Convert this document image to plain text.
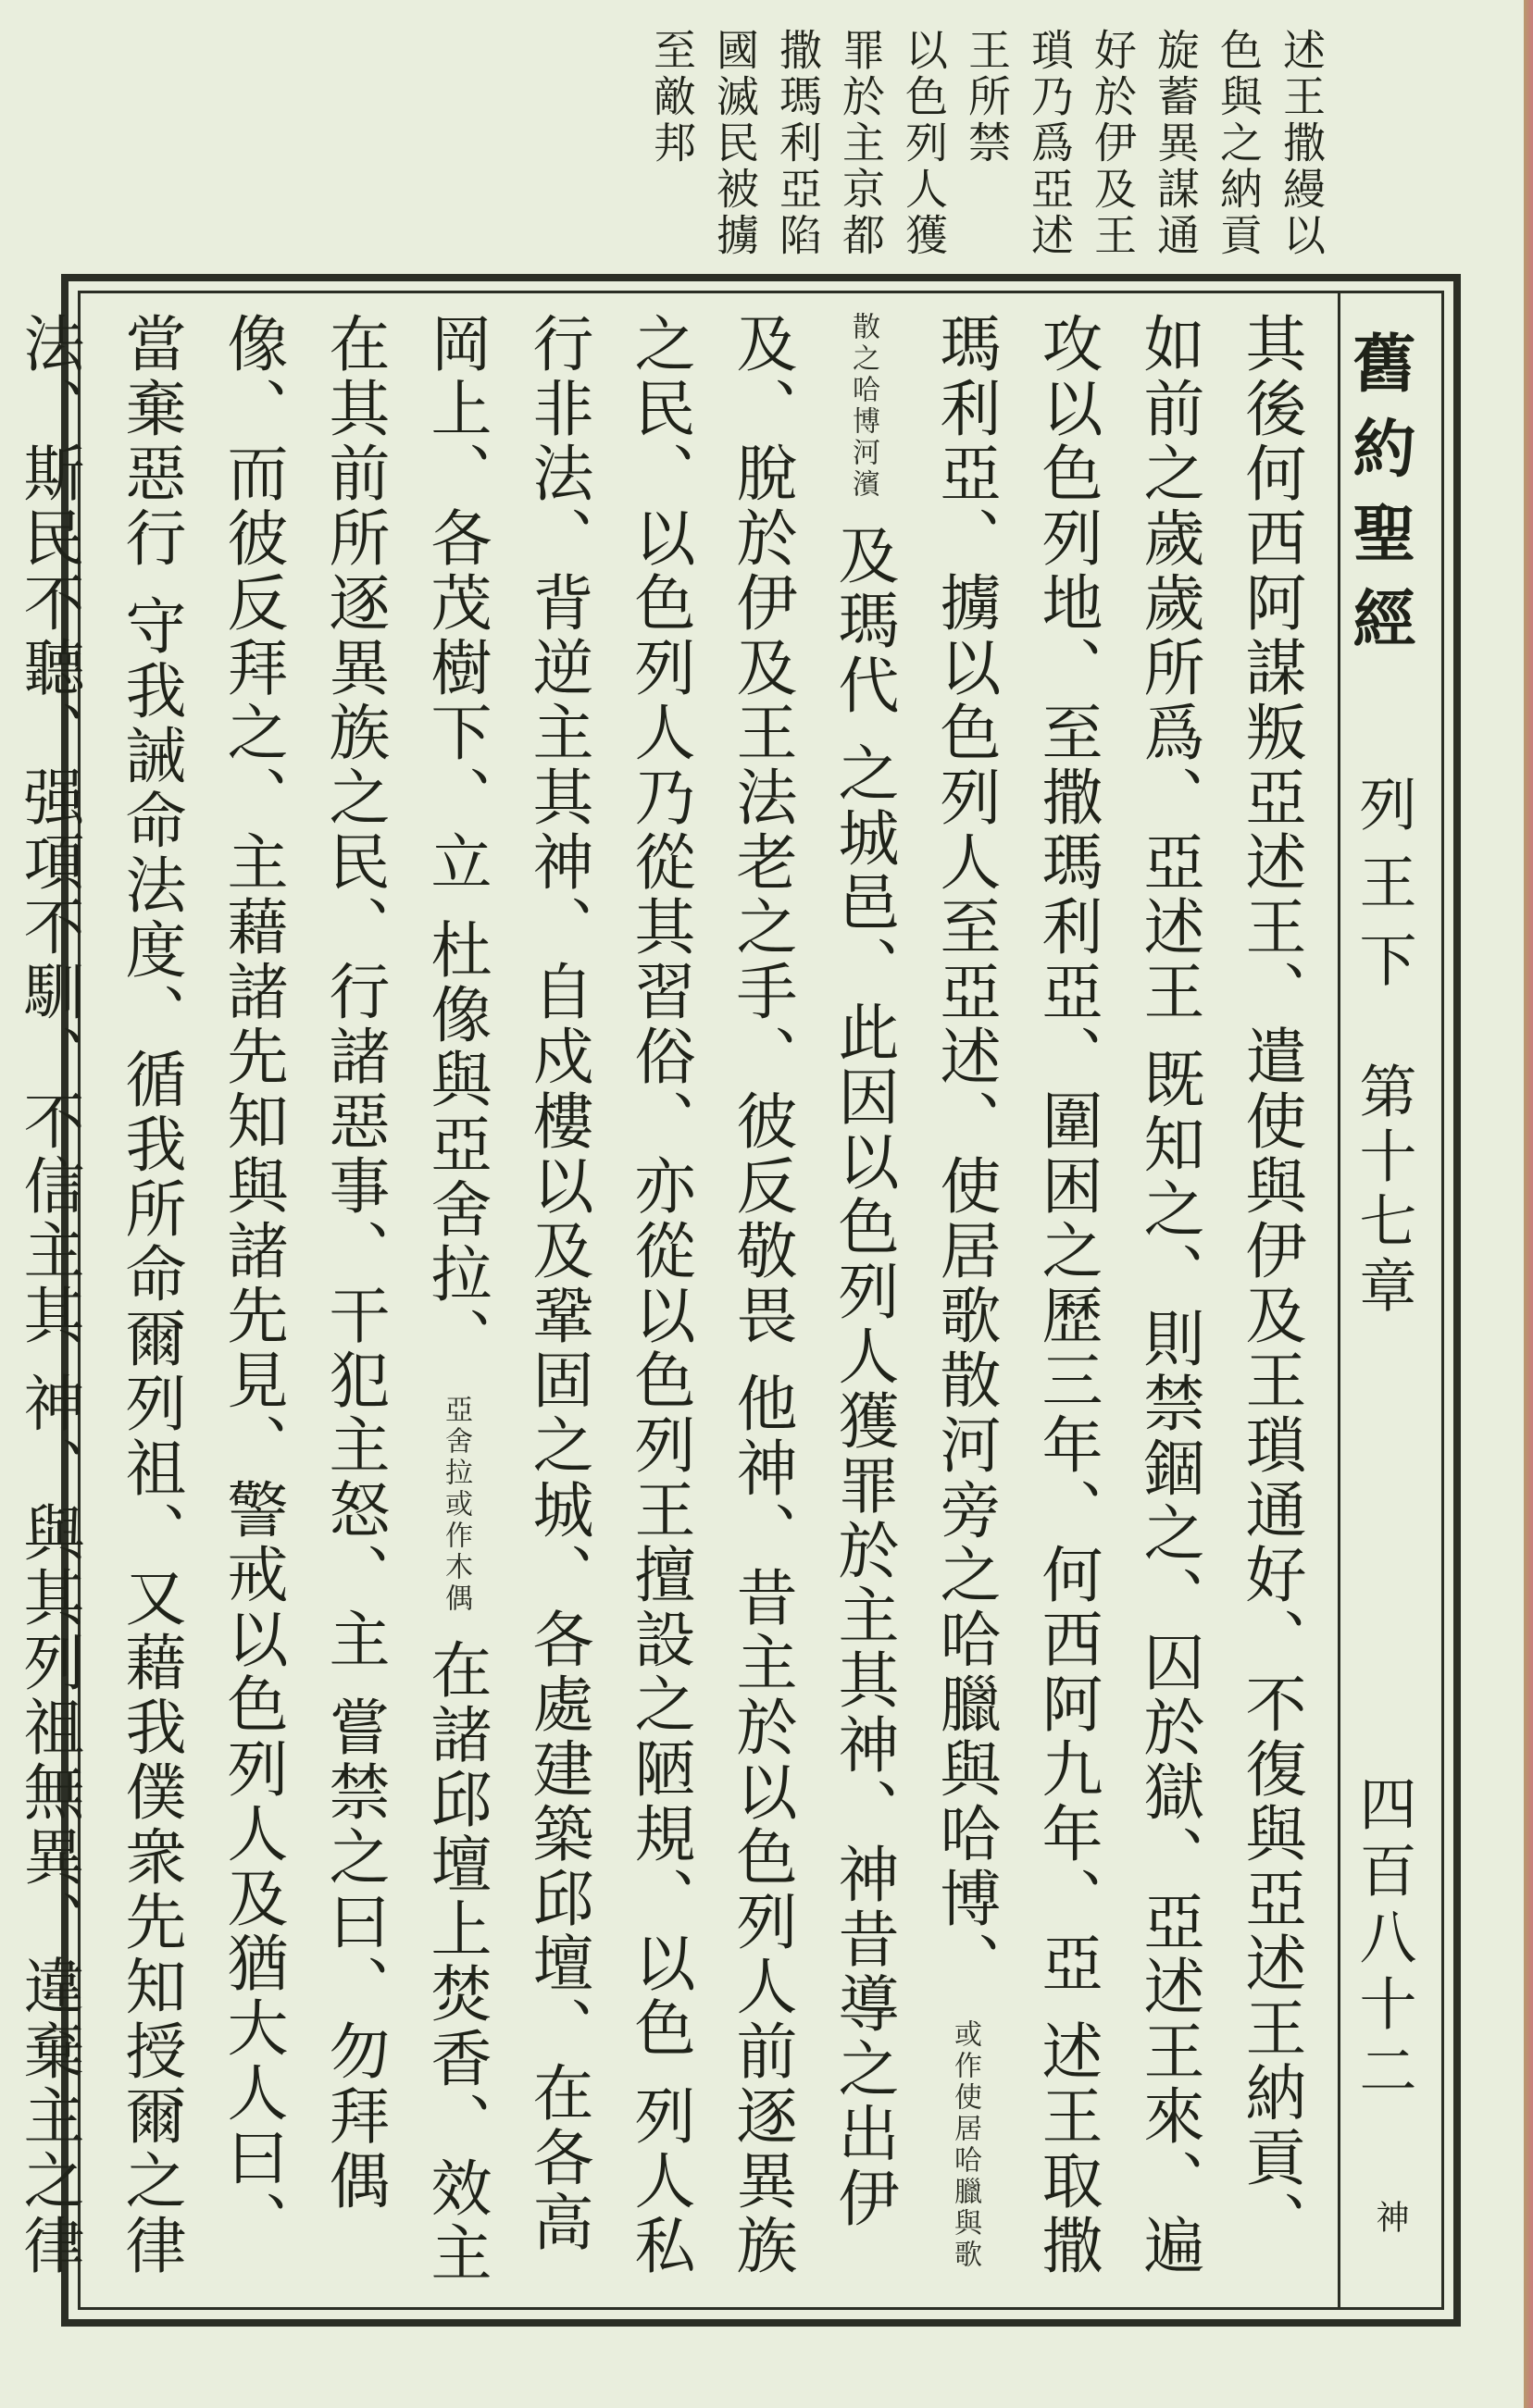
述王撒縵以
色與之納貢
旋蓄異謀通
好於伊及王
瑣乃爲亞述
王所禁
以色列人獲
罪於主京都
撒瑪利亞陷
國滅民被擄
至敵邦
舊約聖經
列王下
第十七章
四百八十二
神
其後何西阿謀叛亞述王、遣使與伊及王瑣通好、不復與亞述王納貢、如前之歲歲所爲、亞述王 既知之、則禁錮之、囚於獄、亞述王來、遍攻以色列地、至撒瑪利亞、圍困之歷三年、何西阿九年、亞 述王取撒瑪利亞、擄以色列人至亞述、使居歌散河旁之哈臘與哈博、 或作使居哈臘與歌散之哈博河濱 及瑪代 之城邑、此因以色列人獲罪於主其神、神昔導之出伊及、脫於伊及王法老之手、彼反敬畏 他神、昔主於以色列人前逐異族之民、以色列人乃從其習俗、亦從以色列王擅設之陋規、以色 列人私行非法、背逆主其神、自戍樓以及鞏固之城、各處建築邱壇、在各高岡上、各茂樹下、立 杜像與亞舍拉、 亞舍拉或作木偶 在諸邱壇上焚香、效主在其前所逐異族之民、行諸惡事、干犯主怒、主 嘗禁之曰、勿拜偶像、而彼反拜之、主藉諸先知與諸先見、警戒以色列人及猶大人曰、當棄惡行 守我誡命法度、循我所命爾列祖、又藉我僕衆先知授爾之律法、斯民不聽、强項不馴、不信主其 神、與其列祖無異、違棄主之律
